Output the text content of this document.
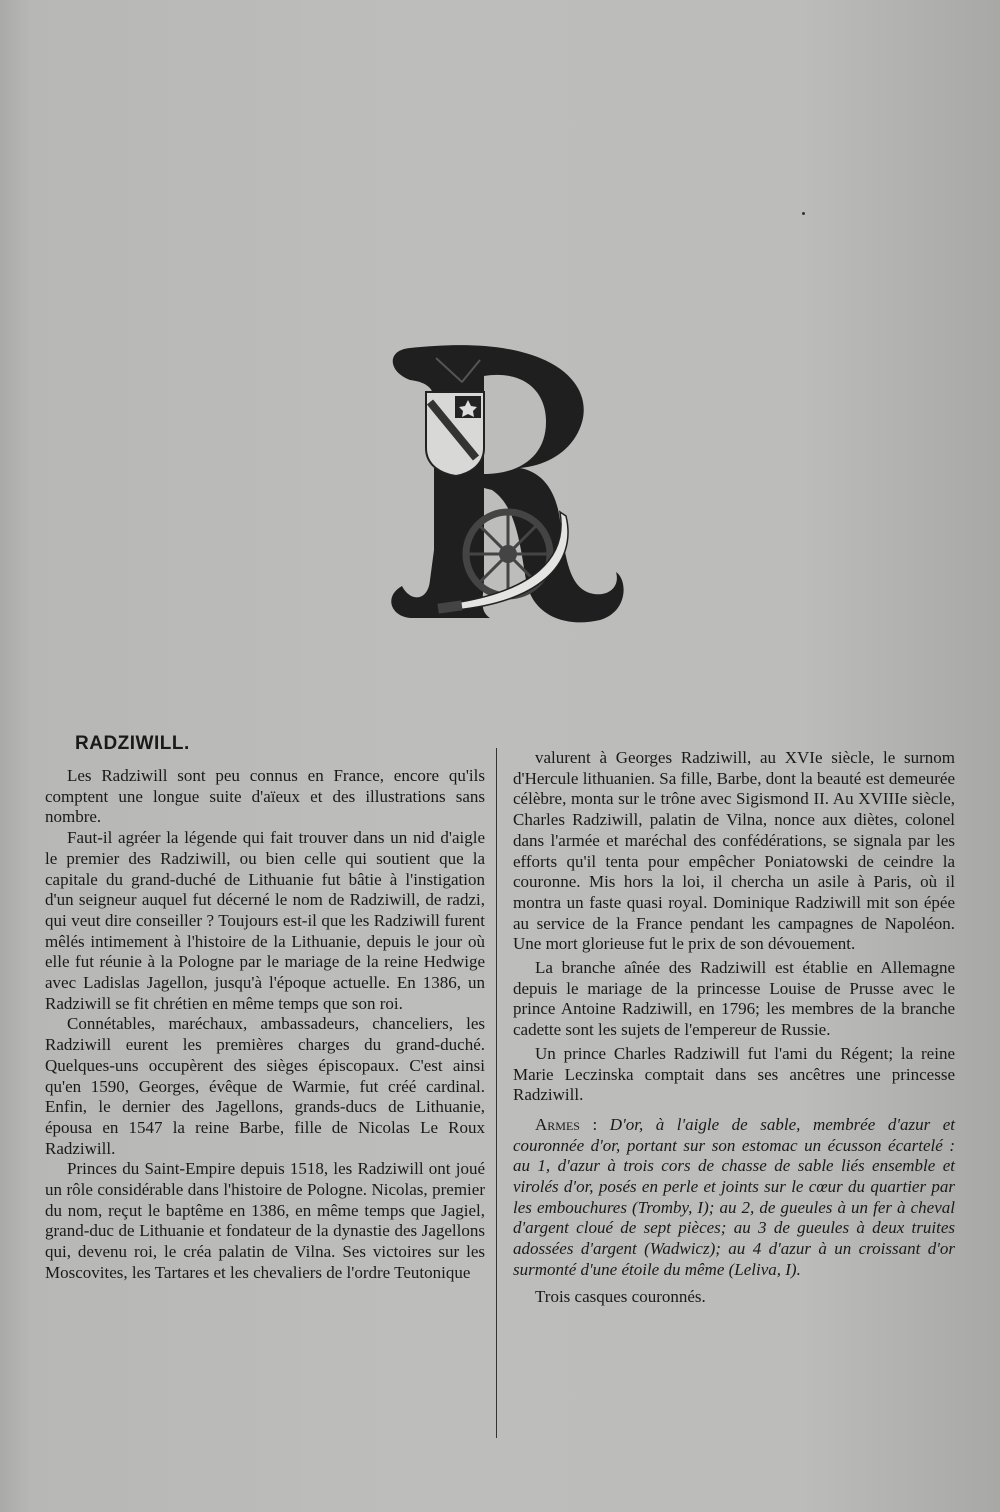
RADZIWILL.

Les Radziwill sont peu connus en France, encore qu'ils comptent une longue suite d'aïeux et des illustrations sans nombre.

Faut-il agréer la légende qui fait trouver dans un nid d'aigle le premier des Radziwill, ou bien celle qui soutient que la capitale du grand-duché de Lithuanie fut bâtie à l'instigation d'un seigneur auquel fut décerné le nom de Radziwill, de radzi, qui veut dire conseiller ? Toujours est-il que les Radziwill furent mêlés intimement à l'histoire de la Lithuanie, depuis le jour où elle fut réunie à la Pologne par le mariage de la reine Hedwige avec Ladislas Jagellon, jusqu'à l'époque actuelle. En 1386, un Radziwill se fit chrétien en même temps que son roi.

Connétables, maréchaux, ambassadeurs, chanceliers, les Radziwill eurent les premières charges du grand-duché. Quelques-uns occupèrent des sièges épiscopaux. C'est ainsi qu'en 1590, Georges, évêque de Warmie, fut créé cardinal. Enfin, le dernier des Jagellons, grands-ducs de Lithuanie, épousa en 1547 la reine Barbe, fille de Nicolas Le Roux Radziwill.

Princes du Saint-Empire depuis 1518, les Radziwill ont joué un rôle considérable dans l'histoire de Pologne. Nicolas, premier du nom, reçut le baptême en 1386, en même temps que Jagiel, grand-duc de Lithuanie et fondateur de la dynastie des Jagellons qui, devenu roi, le créa palatin de Vilna. Ses victoires sur les Moscovites, les Tartares et les chevaliers de l'ordre Teutonique

valurent à Georges Radziwill, au XVIe siècle, le surnom d'Hercule lithuanien. Sa fille, Barbe, dont la beauté est demeurée célèbre, monta sur le trône avec Sigismond II. Au XVIIIe siècle, Charles Radziwill, palatin de Vilna, nonce aux diètes, colonel dans l'armée et maréchal des confédérations, se signala par les efforts qu'il tenta pour empêcher Poniatowski de ceindre la couronne. Mis hors la loi, il chercha un asile à Paris, où il montra un faste quasi royal. Dominique Radziwill mit son épée au service de la France pendant les campagnes de Napoléon. Une mort glorieuse fut le prix de son dévouement.

La branche aînée des Radziwill est établie en Allemagne depuis le mariage de la princesse Louise de Prusse avec le prince Antoine Radziwill, en 1796; les membres de la branche cadette sont les sujets de l'empereur de Russie.

Un prince Charles Radziwill fut l'ami du Régent; la reine Marie Leczinska comptait dans ses ancêtres une princesse Radziwill.

Armes : D'or, à l'aigle de sable, membrée d'azur et couronnée d'or, portant sur son estomac un écusson écartelé : au 1, d'azur à trois cors de chasse de sable liés ensemble et virolés d'or, posés en perle et joints sur le cœur du quartier par les embouchures (Tromby, I); au 2, de gueules à un fer à cheval d'argent cloué de sept pièces; au 3 de gueules à deux truites adossées d'argent (Wadwicz); au 4 d'azur à un croissant d'or surmonté d'une étoile du même (Leliva, I).

Trois casques couronnés.
